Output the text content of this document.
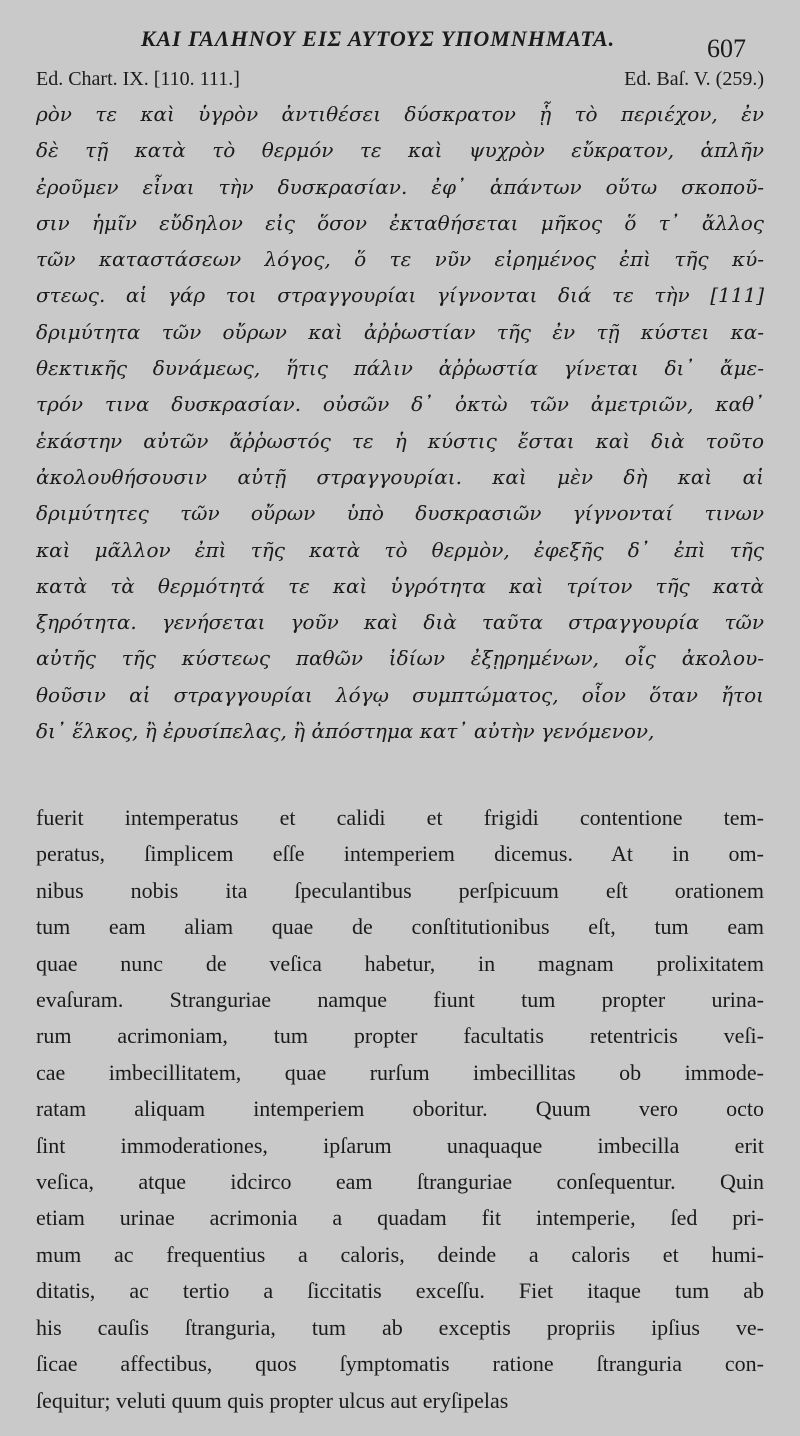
ΚΑΙ ΓΑΛΗΝΟΥ ΕΙΣ ΑΥΤΟΥΣ ΥΠΟΜΝΗΜΑΤΑ.	607
Ed. Chart. IX. [110. 111.]	Ed. Baſ. V. (259.)
ρὸν τε καὶ ὑγρὸν ἀντιθέσει δύσκρατον ᾗ τὸ περιέχον, ἐν
δὲ τῇ κατὰ τὸ θερμόν τε καὶ ψυχρὸν εὔκρατον, ἁπλῆν
ἐροῦμεν εἶναι τὴν δυσκρασίαν. ἐφ᾽ ἁπάντων οὕτω σκοποῦ-
σιν ἡμῖν εὔδηλον εἰς ὅσον ἐκταθήσεται μῆκος ὅ τ᾽ ἄλλος
τῶν καταστάσεων λόγος, ὅ τε νῦν εἰρημένος ἐπὶ τῆς κύ-
στεως. αἱ γάρ τοι στραγγουρίαι γίγνονται διά τε τὴν [111]
δριμύτητα τῶν οὔρων καὶ ἀῤῥωστίαν τῆς ἐν τῇ κύστει κα-
θεκτικῆς δυνάμεως, ἥτις πάλιν ἀῤῥωστία γίνεται δι᾽ ἄμε-
τρόν τινα δυσκρασίαν. οὐσῶν δ᾽ ὀκτὼ τῶν ἀμετριῶν, καθ᾽
ἑκάστην αὐτῶν ἄῤῥωστός τε ἡ κύστις ἔσται καὶ διὰ τοῦτο
ἀκολουθήσουσιν αὐτῇ στραγγουρίαι. καὶ μὲν δὴ καὶ αἱ
δριμύτητες τῶν οὔρων ὑπὸ δυσκρασιῶν γίγνονταί τινων
καὶ μᾶλλον ἐπὶ τῆς κατὰ τὸ θερμὸν, ἐφεξῆς δ᾽ ἐπὶ τῆς
κατὰ τὰ θερμότητά τε καὶ ὑγρότητα καὶ τρίτον τῆς κατὰ
ξηρότητα. γενήσεται γοῦν καὶ διὰ ταῦτα στραγγουρία τῶν
αὐτῆς τῆς κύστεως παθῶν ἰδίων ἐξῃρημένων, οἷς ἀκολου-
θοῦσιν αἱ στραγγουρίαι λόγῳ συμπτώματος, οἷον ὅταν ἤτοι
δι᾽ ἕλκος, ἢ ἐρυσίπελας, ἢ ἀπόστημα κατ᾽ αὐτὴν γενόμενον,
fuerit intemperatus et calidi et frigidi contentione tem-
peratus, ſimplicem eſſe intemperiem dicemus. At in om-
nibus nobis ita ſpeculantibus perſpicuum eſt orationem
tum eam aliam quae de conſtitutionibus eſt, tum eam
quae nunc de veſica habetur, in magnam prolixitatem
evaſuram. Stranguriae namque fiunt tum propter urina-
rum acrimoniam, tum propter facultatis retentricis veſi-
cae imbecillitatem, quae rurſum imbecillitas ob immode-
ratam aliquam intemperiem oboritur. Quum vero octo
ſint immoderationes, ipſarum unaquaque imbecilla erit
veſica, atque idcirco eam ſtranguriae conſequentur. Quin
etiam urinae acrimonia a quadam fit intemperie, ſed pri-
mum ac frequentius a caloris, deinde a caloris et humi-
ditatis, ac tertio a ſiccitatis exceſſu. Fiet itaque tum ab
his cauſis ſtranguria, tum ab exceptis propriis ipſius ve-
ſicae affectibus, quos ſymptomatis ratione ſtranguria con-
ſequitur; veluti quum quis propter ulcus aut eryſipelas
